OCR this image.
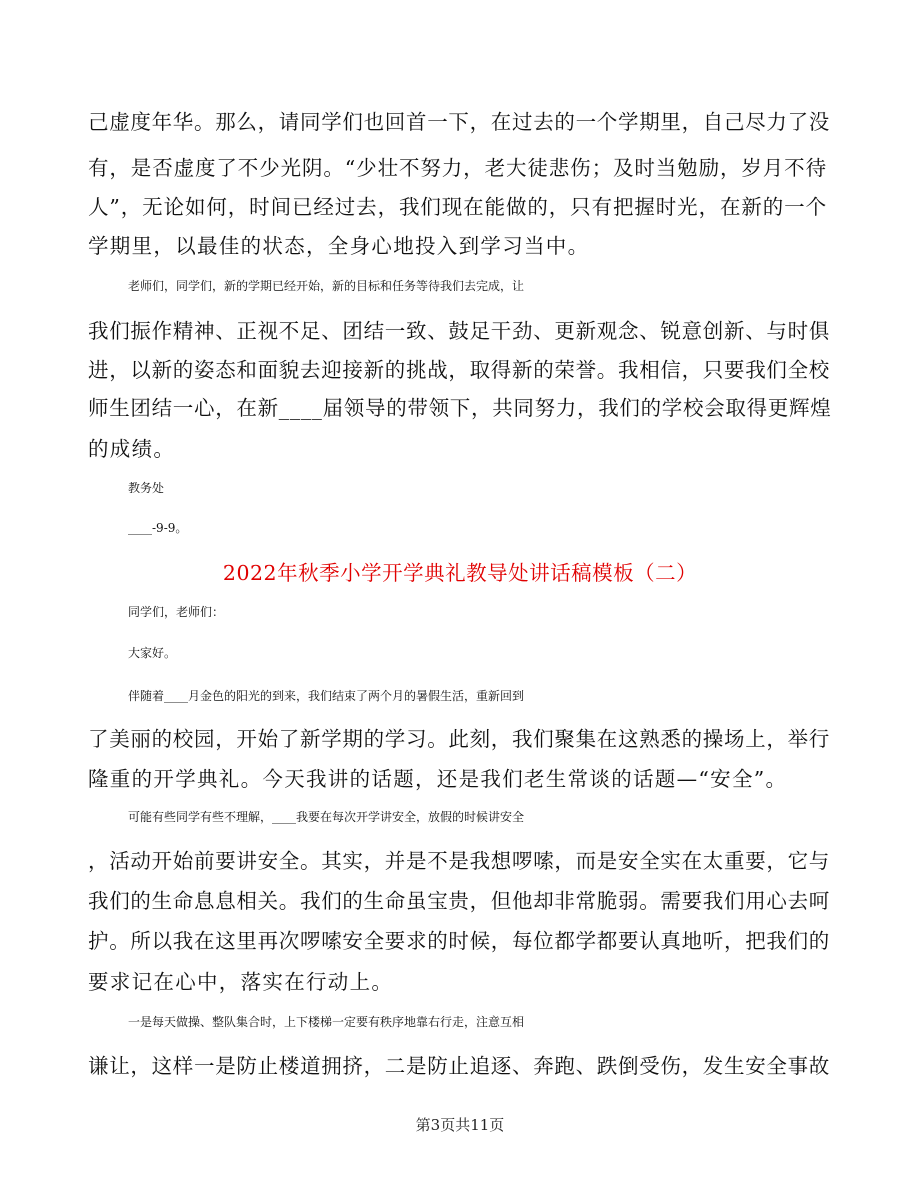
己虚度年华。那么，请同学们也回首一下，在过去的一个学期里，自己尽力了没
有，是否虚度了不少光阴。“少壮不努力，老大徒悲伤；及时当勉励，岁月不待
人”，无论如何，时间已经过去，我们现在能做的，只有把握时光，在新的一个
学期里，以最佳的状态，全身心地投入到学习当中。
老师们，同学们，新的学期已经开始，新的目标和任务等待我们去完成，让
我们振作精神、正视不足、团结一致、鼓足干劲、更新观念、锐意创新、与时俱
进，以新的姿态和面貌去迎接新的挑战，取得新的荣誉。我相信，只要我们全校
师生团结一心，在新____届领导的带领下，共同努力，我们的学校会取得更辉煌
的成绩。
教务处
____-9-9。
2022年秋季小学开学典礼教导处讲话稿模板（二）
同学们，老师们：
大家好。
伴随着____月金色的阳光的到来，我们结束了两个月的暑假生活，重新回到
了美丽的校园，开始了新学期的学习。此刻，我们聚集在这熟悉的操场上，举行
隆重的开学典礼。今天我讲的话题，还是我们老生常谈的话题—“安全”。
可能有些同学有些不理解，____我要在每次开学讲安全，放假的时候讲安全
，活动开始前要讲安全。其实，并是不是我想啰嗦，而是安全实在太重要，它与
我们的生命息息相关。我们的生命虽宝贵，但他却非常脆弱。需要我们用心去呵
护。所以我在这里再次啰嗦安全要求的时候，每位都学都要认真地听，把我们的
要求记在心中，落实在行动上。
一是每天做操、整队集合时，上下楼梯一定要有秩序地靠右行走，注意互相
谦让，这样一是防止楼道拥挤，二是防止追逐、奔跑、跌倒受伤，发生安全事故
第3页共11页
